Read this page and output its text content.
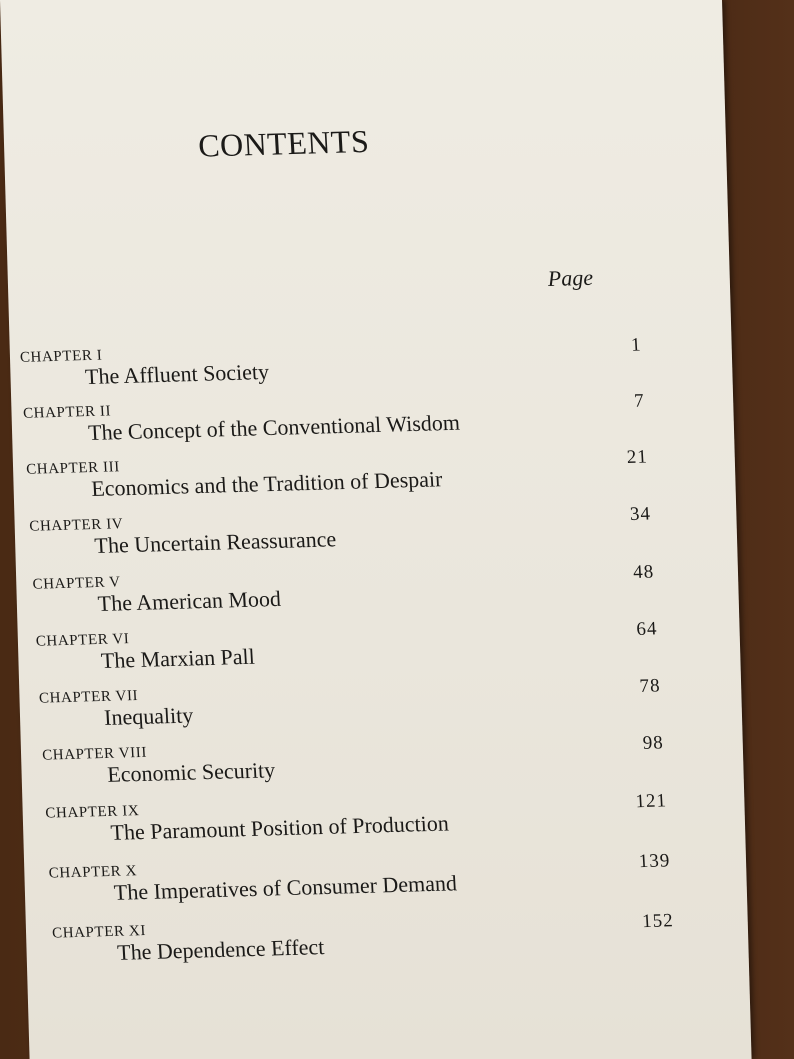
CONTENTS
Page
CHAPTER I
The Affluent Society
1
CHAPTER II
The Concept of the Conventional Wisdom
7
CHAPTER III
Economics and the Tradition of Despair
21
CHAPTER IV
The Uncertain Reassurance
34
CHAPTER V
The American Mood
48
CHAPTER VI
The Marxian Pall
64
CHAPTER VII
Inequality
78
CHAPTER VIII
Economic Security
98
CHAPTER IX
The Paramount Position of Production
121
CHAPTER X
The Imperatives of Consumer Demand
139
CHAPTER XI
The Dependence Effect
152
